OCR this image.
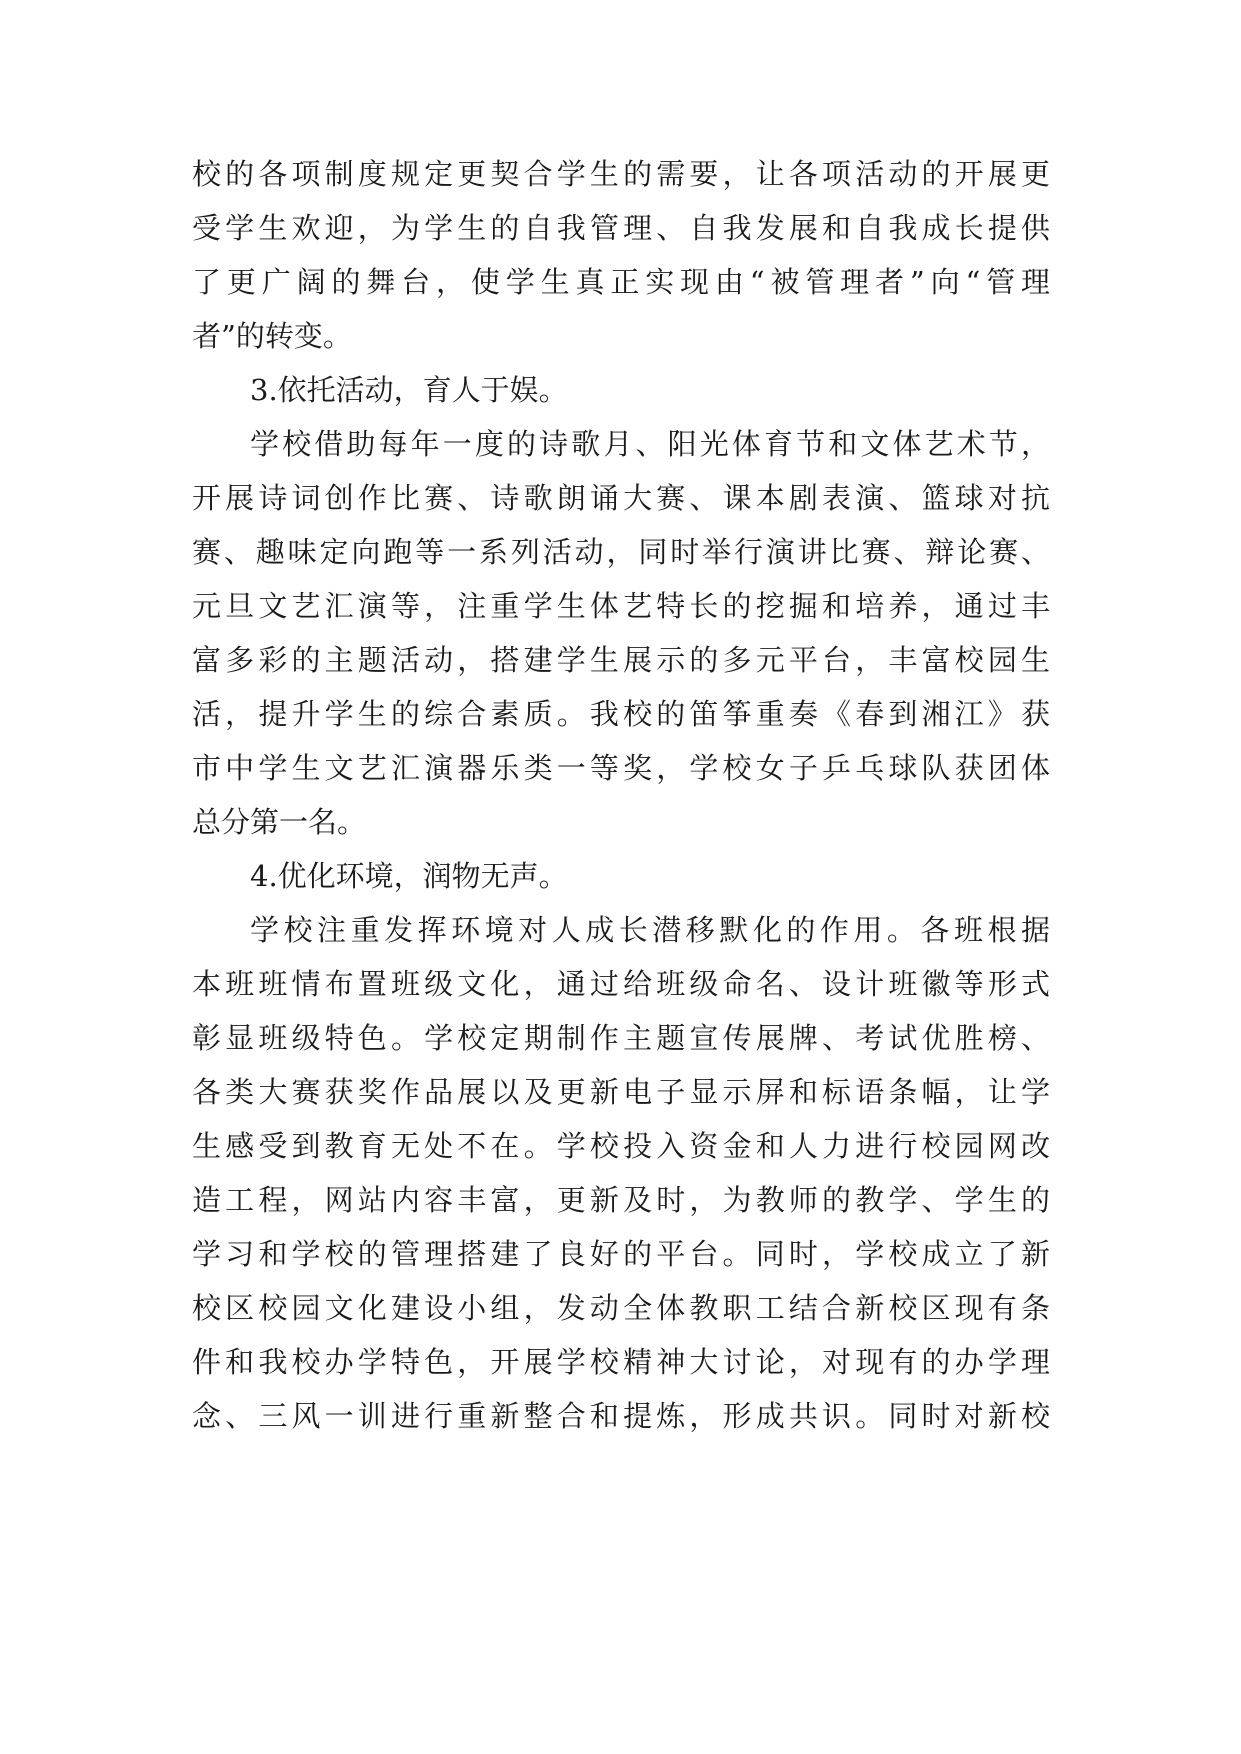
校的各项制度规定更契合学生的需要，让各项活动的开展更
受学生欢迎，为学生的自我管理、自我发展和自我成长提供
了更广阔的舞台，使学生真正实现由“被管理者”向“管理
者”的转变。
3.依托活动，育人于娱。
学校借助每年一度的诗歌月、阳光体育节和文体艺术节，
开展诗词创作比赛、诗歌朗诵大赛、课本剧表演、篮球对抗
赛、趣味定向跑等一系列活动，同时举行演讲比赛、辩论赛、
元旦文艺汇演等，注重学生体艺特长的挖掘和培养，通过丰
富多彩的主题活动，搭建学生展示的多元平台，丰富校园生
活，提升学生的综合素质。我校的笛筝重奏《春到湘江》获
市中学生文艺汇演器乐类一等奖，学校女子乒乓球队获团体
总分第一名。
4.优化环境，润物无声。
学校注重发挥环境对人成长潜移默化的作用。各班根据
本班班情布置班级文化，通过给班级命名、设计班徽等形式
彰显班级特色。学校定期制作主题宣传展牌、考试优胜榜、
各类大赛获奖作品展以及更新电子显示屏和标语条幅，让学
生感受到教育无处不在。学校投入资金和人力进行校园网改
造工程，网站内容丰富，更新及时，为教师的教学、学生的
学习和学校的管理搭建了良好的平台。同时，学校成立了新
校区校园文化建设小组，发动全体教职工结合新校区现有条
件和我校办学特色，开展学校精神大讨论，对现有的办学理
念、三风一训进行重新整合和提炼，形成共识。同时对新校
